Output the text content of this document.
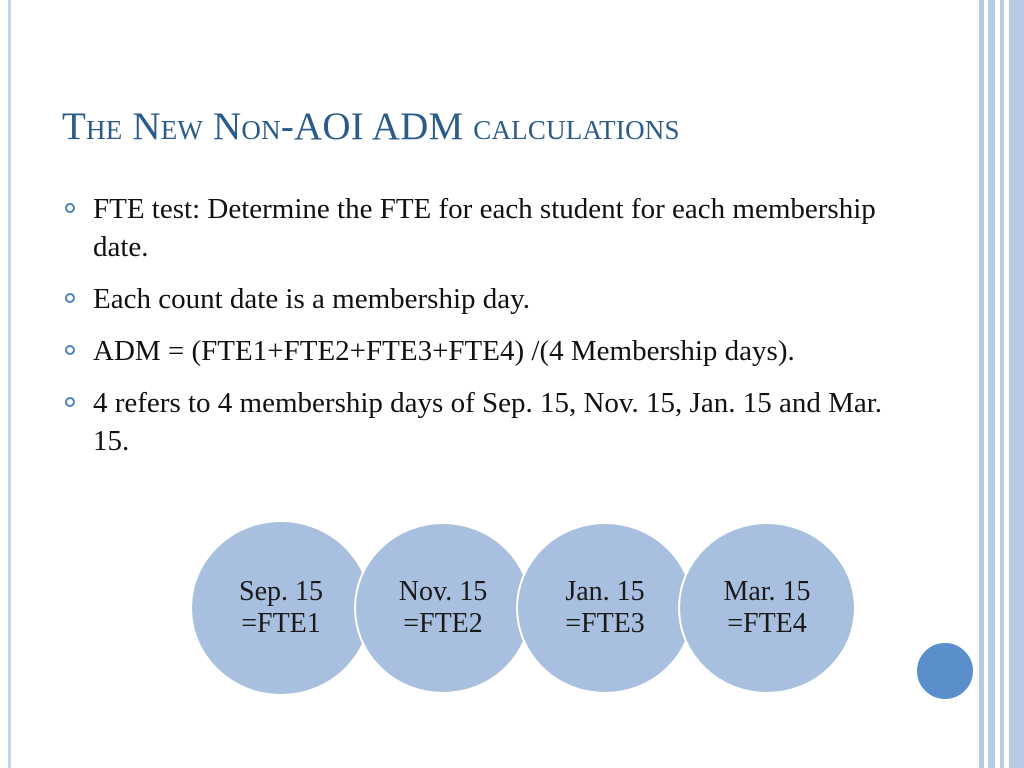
The New Non-AOI ADM calculations
FTE test: Determine the FTE for each student for each membership date.
Each count date is a membership day.
ADM = (FTE1+FTE2+FTE3+FTE4) /(4 Membership days).
4 refers to 4 membership days of Sep. 15, Nov. 15, Jan. 15 and Mar. 15.
Sep. 15
=FTE1
Nov. 15
=FTE2
Jan. 15
=FTE3
Mar. 15
=FTE4
